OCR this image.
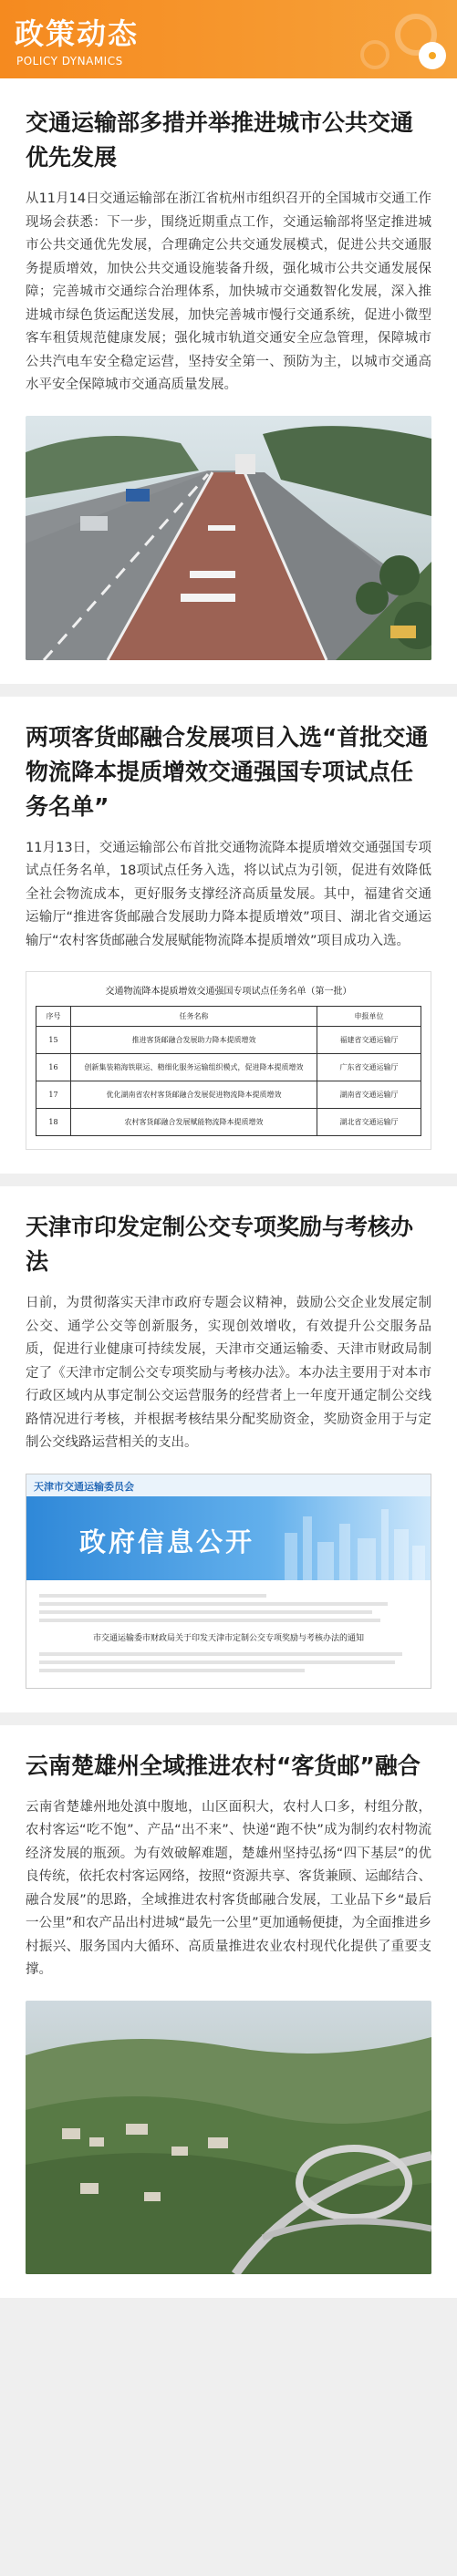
政策动态
POLICY DYNAMICS
交通运输部多措并举推进城市公共交通优先发展

从11月14日交通运输部在浙江省杭州市组织召开的全国城市交通工作现场会获悉：下一步，围绕近期重点工作，交通运输部将坚定推进城市公共交通优先发展，合理确定公共交通发展模式，促进公共交通服务提质增效，加快公共交通设施装备升级，强化城市公共交通发展保障；完善城市交通综合治理体系，加快城市交通数智化发展，深入推进城市绿色货运配送发展，加快完善城市慢行交通系统，促进小微型客车租赁规范健康发展；强化城市轨道交通安全应急管理，保障城市公共汽电车安全稳定运营，坚持安全第一、预防为主，以城市交通高水平安全保障城市交通高质量发展。

两项客货邮融合发展项目入选“首批交通物流降本提质增效交通强国专项试点任务名单”

11月13日，交通运输部公布首批交通物流降本提质增效交通强国专项试点任务名单，18项试点任务入选，将以试点为引领，促进有效降低全社会物流成本，更好服务支撑经济高质量发展。其中，福建省交通运输厅“推进客货邮融合发展助力降本提质增效”项目、湖北省交通运输厅“农村客货邮融合发展赋能物流降本提质增效”项目成功入选。

交通物流降本提质增效交通强国专项试点任务名单（第一批）
序号	任务名称	申报单位
15	推进客货邮融合发展助力降本提质增效	福建省交通运输厅
16	创新集装箱海铁联运、精细化服务运输组织模式，促进降本提质增效	广东省交通运输厅
17	优化湖南省农村客货邮融合发展促进物流降本提质增效	湖南省交通运输厅
18	农村客货邮融合发展赋能物流降本提质增效	湖北省交通运输厅
天津市印发定制公交专项奖励与考核办法

日前，为贯彻落实天津市政府专题会议精神，鼓励公交企业发展定制公交、通学公交等创新服务，实现创效增收，有效提升公交服务品质，促进行业健康可持续发展，天津市交通运输委、天津市财政局制定了《天津市定制公交专项奖励与考核办法》。本办法主要用于对本市行政区域内从事定制公交运营服务的经营者上一年度开通定制公交线路情况进行考核，并根据考核结果分配奖励资金，奖励资金用于与定制公交线路运营相关的支出。

天津市交通运输委员会
政府信息公开
市交通运输委市财政局关于印发天津市定制公交专项奖励与考核办法的通知
云南楚雄州全域推进农村“客货邮”融合

云南省楚雄州地处滇中腹地，山区面积大，农村人口多，村组分散，农村客运“吃不饱”、产品“出不来”、快递“跑不快”成为制约农村物流经济发展的瓶颈。为有效破解难题，楚雄州坚持弘扬“四下基层”的优良传统，依托农村客运网络，按照“资源共享、客货兼顾、运邮结合、融合发展”的思路，全域推进农村客货邮融合发展，工业品下乡“最后一公里”和农产品出村进城“最先一公里”更加通畅便捷，为全面推进乡村振兴、服务国内大循环、高质量推进农业农村现代化提供了重要支撑。
